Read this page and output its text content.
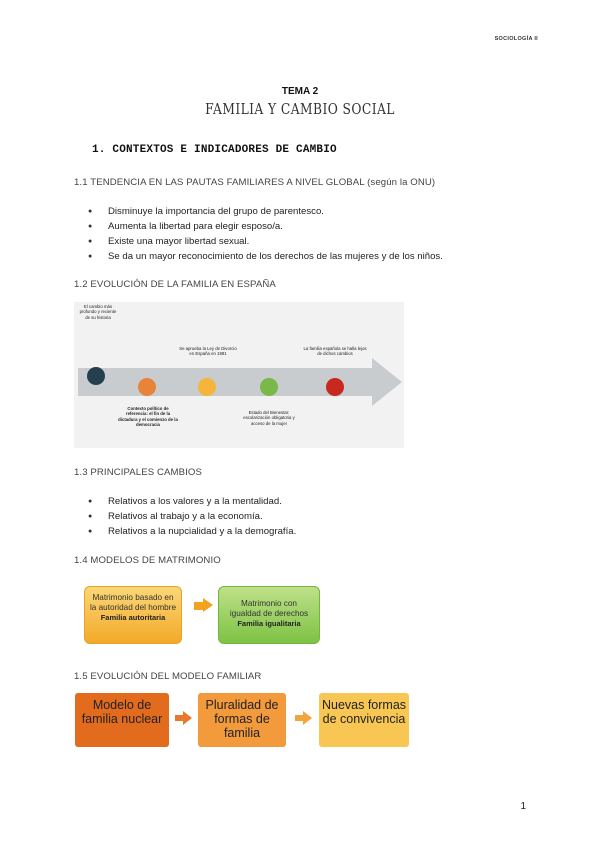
SOCIOLOGÍA II
TEMA 2
FAMILIA Y CAMBIO SOCIAL
1. CONTEXTOS E INDICADORES DE CAMBIO
1.1 TENDENCIA EN LAS PAUTAS FAMILIARES A NIVEL GLOBAL (según la ONU)
● Disminuye la importancia del grupo de parentesco.
● Aumenta la libertad para elegir esposo/a.
● Existe una mayor libertad sexual.
● Se da un mayor reconocimiento de los derechos de las mujeres y de los niños.
1.2 EVOLUCIÓN DE LA FAMILIA EN ESPAÑA
El cambio más profundo y reciente de su historia
Contexto político de referencia: el fin de la dictadura y el comienzo de la democracia
Se aprueba la Ley de Divorcio en España en 1981
Estado del Bienestar: escolarización obligatoria y acceso de la mujer
La familia española se halla lejos de dichos cambios
1.3 PRINCIPALES CAMBIOS
● Relativos a los valores y a la mentalidad.
● Relativos al trabajo y a la economía.
● Relativos a la nupcialidad y a la demografía.
1.4 MODELOS DE MATRIMONIO
Matrimonio basado en la autoridad del hombre
Familia autoritaria
Matrimonio con igualdad de derechos
Familia igualitaria
1.5 EVOLUCIÓN DEL MODELO FAMILIAR
Modelo de familia nuclear
Pluralidad de formas de familia
Nuevas formas de convivencia
1
